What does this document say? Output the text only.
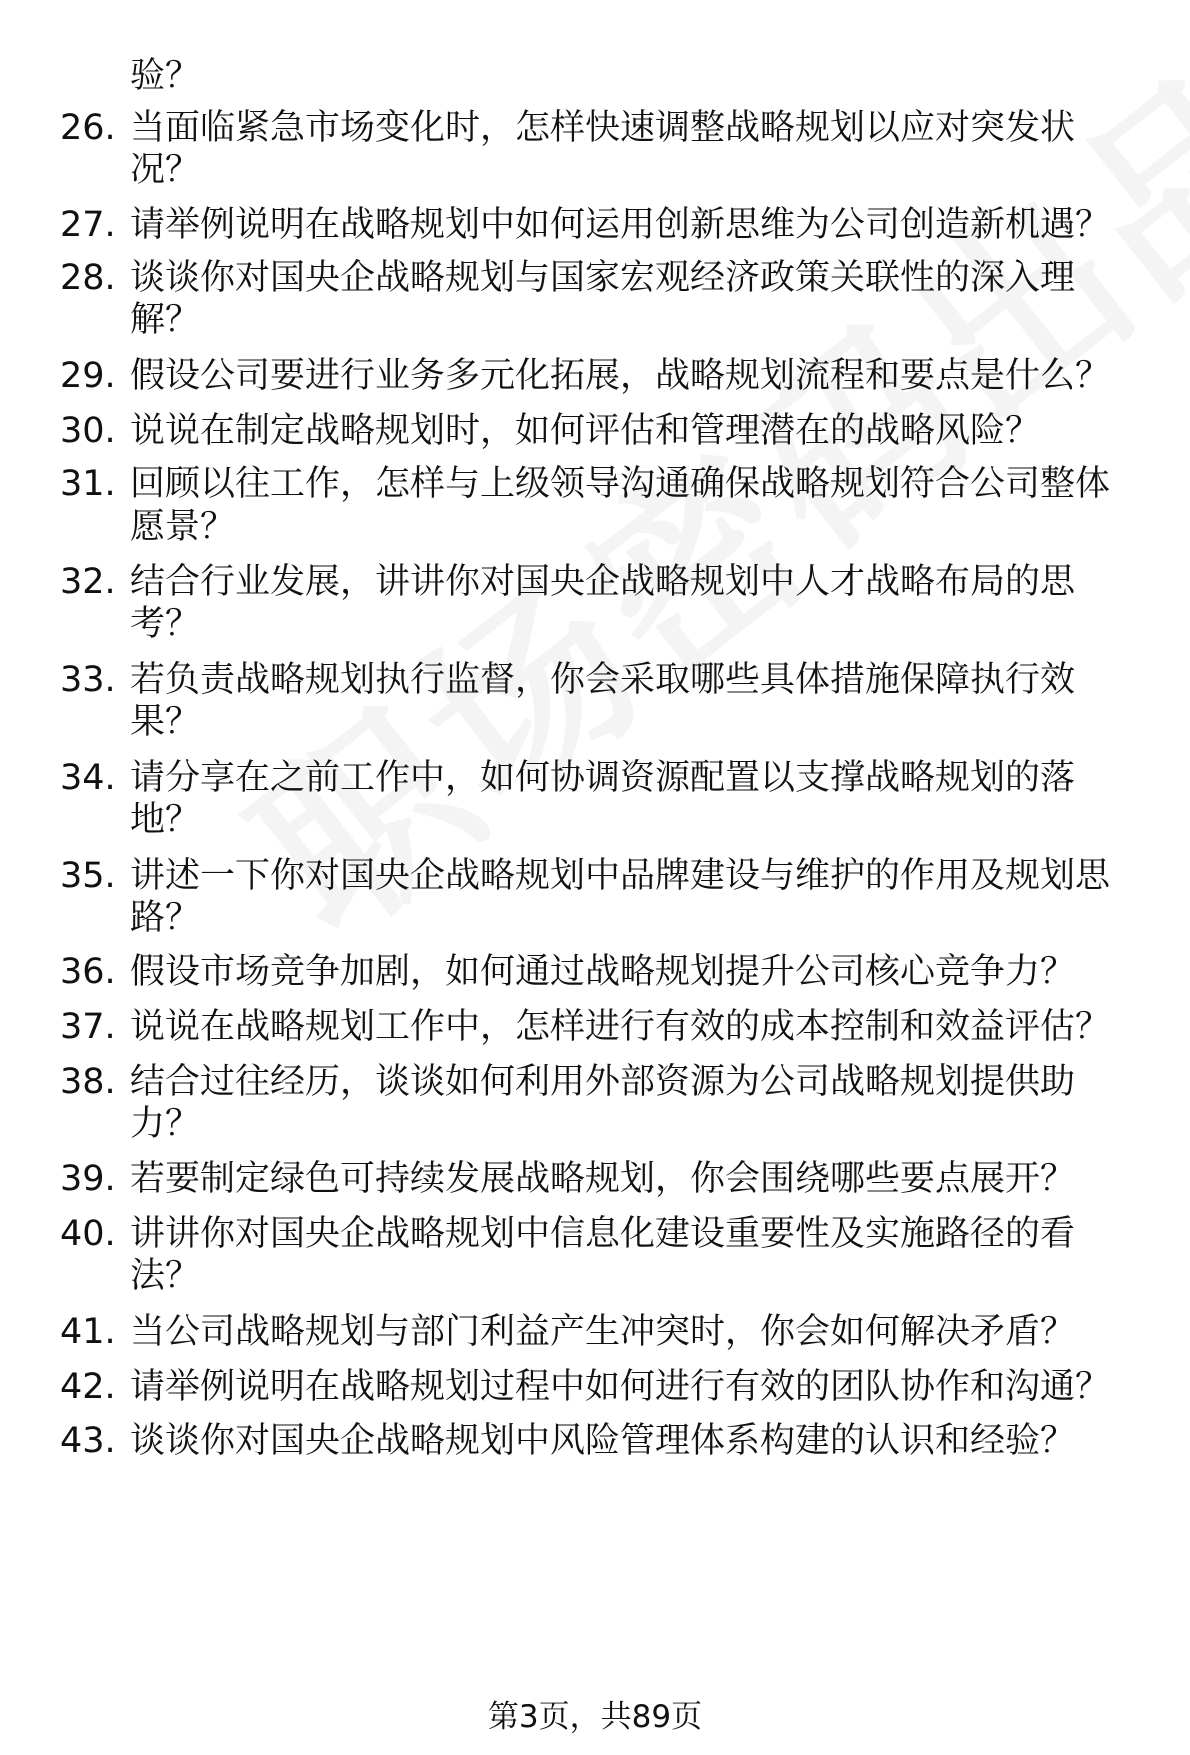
验？
26. 当面临紧急市场变化时，怎样快速调整战略规划以应对突发状
况？
27. 请举例说明在战略规划中如何运用创新思维为公司创造新机遇？
28. 谈谈你对国央企战略规划与国家宏观经济政策关联性的深入理
解？
29. 假设公司要进行业务多元化拓展，战略规划流程和要点是什么？
30. 说说在制定战略规划时，如何评估和管理潜在的战略风险？
31. 回顾以往工作，怎样与上级领导沟通确保战略规划符合公司整体
愿景？
32. 结合行业发展，讲讲你对国央企战略规划中人才战略布局的思
考？
33. 若负责战略规划执行监督，你会采取哪些具体措施保障执行效
果？
34. 请分享在之前工作中，如何协调资源配置以支撑战略规划的落
地？
35. 讲述一下你对国央企战略规划中品牌建设与维护的作用及规划思
路？
36. 假设市场竞争加剧，如何通过战略规划提升公司核心竞争力？
37. 说说在战略规划工作中，怎样进行有效的成本控制和效益评估？
38. 结合过往经历，谈谈如何利用外部资源为公司战略规划提供助
力？
39. 若要制定绿色可持续发展战略规划，你会围绕哪些要点展开？
40. 讲讲你对国央企战略规划中信息化建设重要性及实施路径的看
法？
41. 当公司战略规划与部门利益产生冲突时，你会如何解决矛盾？
42. 请举例说明在战略规划过程中如何进行有效的团队协作和沟通？
43. 谈谈你对国央企战略规划中风险管理体系构建的认识和经验？
第3页，共89页
